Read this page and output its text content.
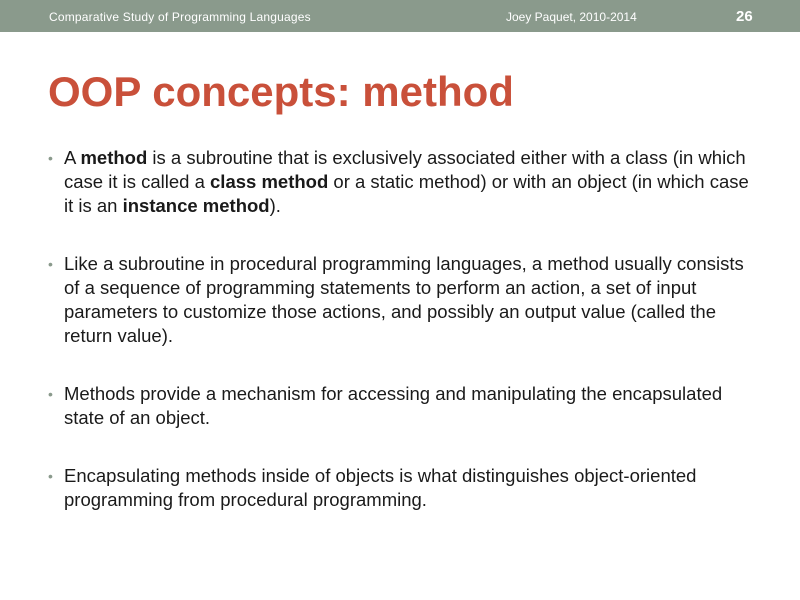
Comparative Study of Programming Languages	Joey Paquet, 2010-2014	26
OOP concepts: method
• A method is a subroutine that is exclusively associated either with a class (in which case it is called a class method or a static method) or with an object (in which case it is an instance method).
• Like a subroutine in procedural programming languages, a method usually consists of a sequence of programming statements to perform an action, a set of input parameters to customize those actions, and possibly an output value (called the return value).
• Methods provide a mechanism for accessing and manipulating the encapsulated state of an object.
• Encapsulating methods inside of objects is what distinguishes object-oriented programming from procedural programming.
